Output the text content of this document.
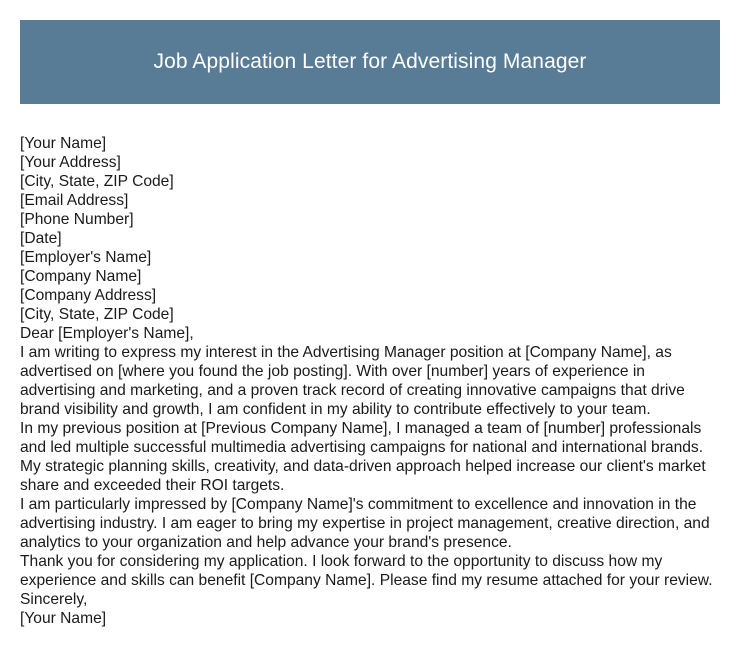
Job Application Letter for Advertising Manager
[Your Name]
[Your Address]
[City, State, ZIP Code]
[Email Address]
[Phone Number]
[Date]
[Employer's Name]
[Company Name]
[Company Address]
[City, State, ZIP Code]
Dear [Employer's Name],

I am writing to express my interest in the Advertising Manager position at [Company Name], as advertised on [where you found the job posting]. With over [number] years of experience in advertising and marketing, and a proven track record of creating innovative campaigns that drive brand visibility and growth, I am confident in my ability to contribute effectively to your team.

In my previous position at [Previous Company Name], I managed a team of [number] professionals and led multiple successful multimedia advertising campaigns for national and international brands. My strategic planning skills, creativity, and data-driven approach helped increase our client's market share and exceeded their ROI targets.

I am particularly impressed by [Company Name]'s commitment to excellence and innovation in the advertising industry. I am eager to bring my expertise in project management, creative direction, and analytics to your organization and help advance your brand's presence.

Thank you for considering my application. I look forward to the opportunity to discuss how my experience and skills can benefit [Company Name]. Please find my resume attached for your review.

Sincerely,
[Your Name]
